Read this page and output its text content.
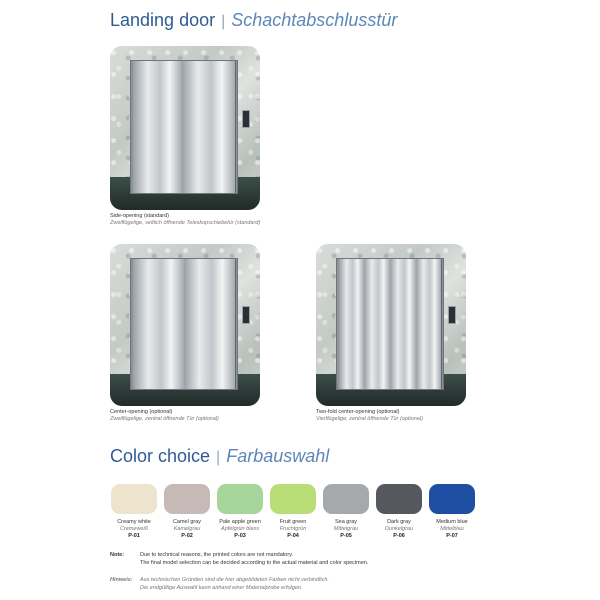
Landing door | Schachtabschlusstür
Side-opening (standard)
Zweiflügelige, seitlich öffnende Teleskopschiebetür (standard)
Center-opening (optional)
Zweiflügelige, zentral öffnende Tür (optional)
Two-fold center-opening (optional)
Vierflügelige, zentral öffnende Tür (optional)
Color choice | Farbauswahl
Creamy white
Cremeweiß
P-01
Camel gray
Kamelgrau
P-02
Pale apple green
Apfelgrün blass
P-03
Fruit green
Fruchtgrün
P-04
Sea gray
Mittelgrau
P-05
Dark gray
Dunkelgrau
P-06
Medium blue
Mittelblau
P-07
Note:	Due to technical reasons, the printed colors are not mandatory.
The final model selection can be decided according to the actual material and color specimen.
Hinweis: Aus technischen Gründen sind die hier abgebildeten Farben nicht verbindlich.
Die endgültige Auswahl kann anhand einer Materialprobe erfolgen.
